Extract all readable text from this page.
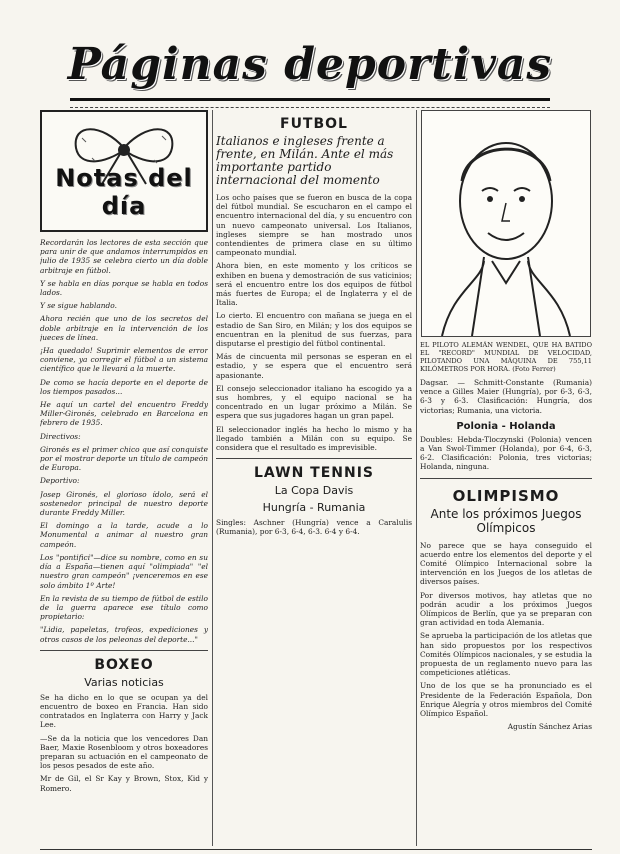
Páginas deportivas
Notas del día

Recordarán los lectores de esta sección que para unir de que andamos interrumpidos en julio de 1935 se celebra cierto un día doble arbitraje en fútbol.

Y se habla en días porque se habla en todos lados.

Y se sigue hablando.

Ahora recién que uno de los secretos del doble arbitraje en la intervención de los jueces de línea.

¡Ha quedado! Suprimir elementos de error conviene, ya corregir el fútbol a un sistema científico que le llevará a la muerte.

De como se hacía deporte en el deporte de los tiempos pasados...

He aquí un cartel del encuentro Freddy Miller-Gironés, celebrado en Barcelona en febrero de 1935.

Directivos:

Gironés es el primer chico que así conquiste por el mostrar deporte un título de campeón de Europa.

Deportivo:

Josep Gironés, el glorioso ídolo, será el sostenedor principal de nuestro deporte durante Freddy Miller.

El domingo a la tarde, acude a lo Monumental a animar al nuestro gran campeón.

Los "pontifici"—dice su nombre, como en su día a España—tienen aquí "olimpiada" "el nuestro gran campeón" ¡venceremos en ese solo ámbito 1º Arte!

En la revista de su tiempo de fútbol de estilo de la guerra aparece ese título como propietario:

"Lidia, papeletas, trofeos, expediciones y otros casos de los peleonas del deporte..."

BOXEO
Varias noticias

Se ha dicho en lo que se ocupan ya del encuentro de boxeo en Francia. Han sido contratados en Inglaterra con Harry y Jack Lee.

—Se da la noticia que los vencedores Dan Baer, Maxie Rosenbloom y otros boxeadores preparan su actuación en el campeonato de los pesos pesados de este año.

Mr de Gil, el Sr Kay y Brown, Stox, Kid y Romero.

FUTBOL
Italianos e ingleses frente a frente, en Milán. Ante el más importante partido internacional del momento

Los ocho países que se fueron en busca de la copa del fútbol mundial. Se escucharon en el campo el encuentro internacional del día, y su encuentro con un nuevo campeonato universal. Los Italianos, ingleses siempre se han mostrado unos contendientes de primera clase en su último campeonato mundial.

Ahora bien, en este momento y los críticos se exhiben en buena y demostración de sus vaticinios; será el encuentro entre los dos equipos de fútbol más fuertes de Europa; el de Inglaterra y el de Italia.

Lo cierto. El encuentro con mañana se juega en el estadio de San Siro, en Milán; y los dos equipos se encuentran en la plenitud de sus fuerzas, para disputarse el prestigio del fútbol continental.

Más de cincuenta mil personas se esperan en el estadio, y se espera que el encuentro será apasionante.

El consejo seleccionador italiano ha escogido ya a sus hombres, y el equipo nacional se ha concentrado en un lugar próximo a Milán. Se espera que sus jugadores hagan un gran papel.

El seleccionador inglés ha hecho lo mismo y ha llegado también a Milán con su equipo. Se considera que el resultado es imprevisible.

LAWN TENNIS
La Copa Davis
Hungría - Rumania

Singles: Aschner (Hungría) vence a Caralulis (Rumania), por 6-3, 6-4, 6-3. 6-4 y 6-4.

EL PILOTO ALEMÁN WENDEL, QUE HA BATIDO EL "RECORD" MUNDIAL DE VELOCIDAD, PILOTANDO UNA MÁQUINA DE 755,11 KILÓMETROS POR HORA. (Foto Ferrer)

Dagsar. — Schmitt-Constante (Rumania) vence a Gilles Maier (Hungría), por 6-3, 6-3, 6-3 y 6-3. Clasificación: Hungría, dos victorias; Rumania, una victoria.

Polonia - Holanda

Doubles: Hebda-Tloczynski (Polonia) vencen a Van Swol-Timmer (Holanda), por 6-4, 6-3, 6-2. Clasificación: Polonia, tres victorias; Holanda, ninguna.

OLIMPISMO
Ante los próximos Juegos Olímpicos

No parece que se haya conseguido el acuerdo entre los elementos del deporte y el Comité Olímpico Internacional sobre la intervención en los Juegos de los atletas de diversos países.

Por diversos motivos, hay atletas que no podrán acudir a los próximos Juegos Olímpicos de Berlín, que ya se preparan con gran actividad en toda Alemania.

Se aprueba la participación de los atletas que han sido propuestos por los respectivos Comités Olímpicos nacionales, y se estudia la propuesta de un reglamento nuevo para las competiciones atléticas.

Uno de los que se ha pronunciado es el Presidente de la Federación Española, Don Enrique Alegría y otros miembros del Comité Olímpico Español.

Agustín Sánchez Arias
